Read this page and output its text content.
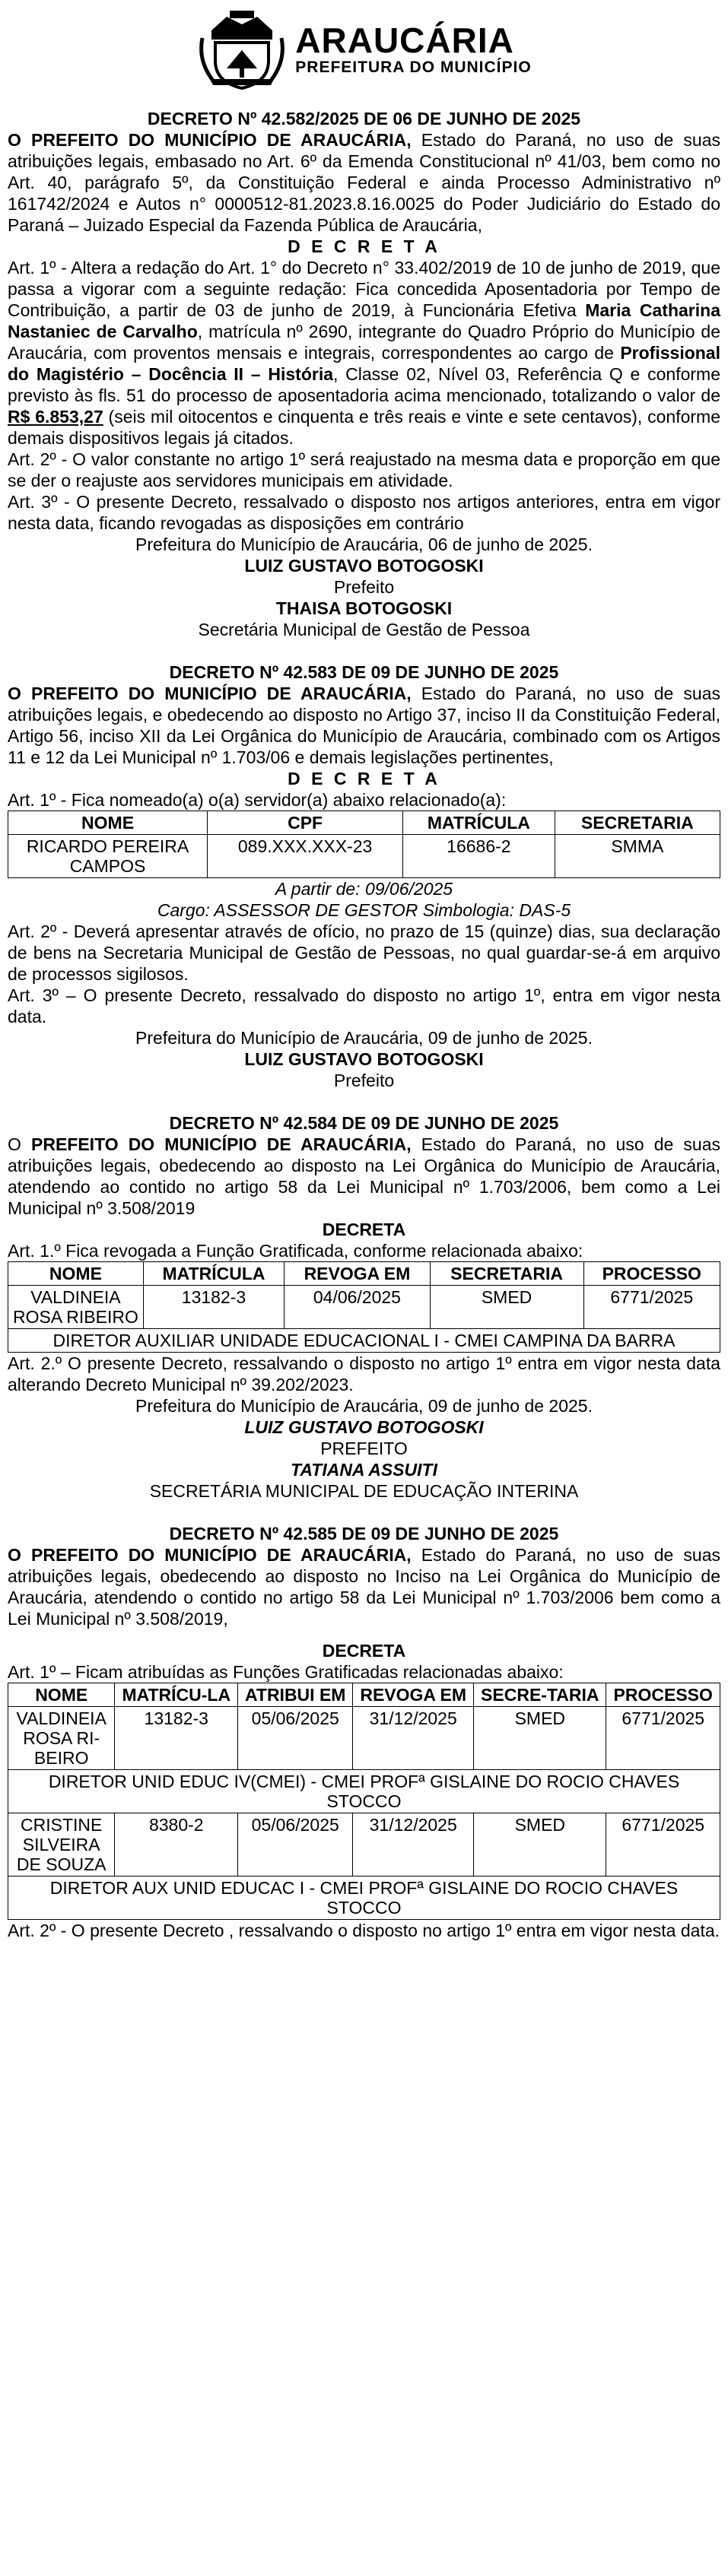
ARAUCÁRIA
PREFEITURA DO MUNICÍPIO

DECRETO Nº 42.582/2025 DE 06 DE JUNHO DE 2025

O PREFEITO DO MUNICÍPIO DE ARAUCÁRIA, Estado do Paraná, no uso de suas atribuições legais, embasado no Art. 6º da Emenda Constitucional nº 41/03, bem como no Art. 40, parágrafo 5º, da Constituição Federal e ainda Processo Administrativo nº 161742/2024 e Autos n° 0000512-81.2023.8.16.0025 do Poder Judiciário do Estado do Paraná – Juizado Especial da Fazenda Pública de Araucária,

D E C R E T A

Art. 1º - Altera a redação do Art. 1° do Decreto n° 33.402/2019 de 10 de junho de 2019, que passa a vigorar com a seguinte redação: Fica concedida Aposentadoria por Tempo de Contribuição, a partir de 03 de junho de 2019, à Funcionária Efetiva Maria Catharina Nastaniec de Carvalho, matrícula nº 2690, integrante do Quadro Próprio do Município de Araucária, com proventos mensais e integrais, correspondentes ao cargo de Profissional do Magistério – Docência II – História, Classe 02, Nível 03, Referência Q e conforme previsto às fls. 51 do processo de aposentadoria acima mencionado, totalizando o valor de R$ 6.853,27 (seis mil oitocentos e cinquenta e três reais e vinte e sete centavos), conforme demais dispositivos legais já citados.

Art. 2º - O valor constante no artigo 1º será reajustado na mesma data e proporção em que se der o reajuste aos servidores municipais em atividade.

Art. 3º - O presente Decreto, ressalvado o disposto nos artigos anteriores, entra em vigor nesta data, ficando revogadas as disposições em contrário

Prefeitura do Município de Araucária, 06 de junho de 2025.

LUIZ GUSTAVO BOTOGOSKI

Prefeito

THAISA BOTOGOSKI

Secretária Municipal de Gestão de Pessoa

DECRETO Nº 42.583 DE 09 DE JUNHO DE 2025

O PREFEITO DO MUNICÍPIO DE ARAUCÁRIA, Estado do Paraná, no uso de suas atribuições legais, e obedecendo ao disposto no Artigo 37, inciso II da Constituição Federal, Artigo 56, inciso XII da Lei Orgânica do Município de Araucária, combinado com os Artigos 11 e 12 da Lei Municipal nº 1.703/06 e demais legislações pertinentes,

D E C R E T A

Art. 1º - Fica nomeado(a) o(a) servidor(a) abaixo relacionado(a):

NOME	CPF	MATRÍCULA	SECRETARIA
RICARDO PEREIRA CAMPOS	089.XXX.XXX-23	16686-2	SMMA

A partir de: 09/06/2025

Cargo: ASSESSOR DE GESTOR Simbologia: DAS-5

Art. 2º - Deverá apresentar através de ofício, no prazo de 15 (quinze) dias, sua declaração de bens na Secretaria Municipal de Gestão de Pessoas, no qual guardar-se-á em arquivo de processos sigilosos.

Art. 3º – O presente Decreto, ressalvado do disposto no artigo 1º, entra em vigor nesta data.

Prefeitura do Município de Araucária, 09 de junho de 2025.

LUIZ GUSTAVO BOTOGOSKI

Prefeito

DECRETO Nº 42.584 DE 09 DE JUNHO DE 2025

O PREFEITO DO MUNICÍPIO DE ARAUCÁRIA, Estado do Paraná, no uso de suas atribuições legais, obedecendo ao disposto na Lei Orgânica do Município de Araucária, atendendo ao contido no artigo 58 da Lei Municipal nº 1.703/2006, bem como a Lei Municipal nº 3.508/2019

DECRETA

Art. 1.º Fica revogada a Função Gratificada, conforme relacionada abaixo:

NOME	MATRÍCULA	REVOGA EM	SECRETARIA	PROCESSO
VALDINEIA ROSA RIBEIRO	13182-3	04/06/2025	SMED	6771/2025
DIRETOR AUXILIAR UNIDADE EDUCACIONAL I - CMEI CAMPINA DA BARRA				

Art. 2.º O presente Decreto, ressalvando o disposto no artigo 1º entra em vigor nesta data alterando Decreto Municipal nº 39.202/2023.

Prefeitura do Município de Araucária, 09 de junho de 2025.

LUIZ GUSTAVO BOTOGOSKI

PREFEITO

TATIANA ASSUITI

SECRETÁRIA MUNICIPAL DE EDUCAÇÃO INTERINA

DECRETO Nº 42.585 DE 09 DE JUNHO DE 2025

O PREFEITO DO MUNICÍPIO DE ARAUCÁRIA, Estado do Paraná, no uso de suas atribuições legais, obedecendo ao disposto no Inciso na Lei Orgânica do Município de Araucária, atendendo o contido no artigo 58 da Lei Municipal nº 1.703/2006 bem como a Lei Municipal nº 3.508/2019,

DECRETA

Art. 1º – Ficam atribuídas as Funções Gratificadas relacionadas abaixo:

NOME	MATRÍCU-LA	ATRIBUI EM	REVOGA EM	SECRE-TARIA	PROCESSO
VALDINEIA ROSA RI-BEIRO	13182-3	05/06/2025	31/12/2025	SMED	6771/2025
DIRETOR UNID EDUC IV(CMEI) - CMEI PROFª GISLAINE DO ROCIO CHAVES STOCCO					
CRISTINE SILVEIRA DE SOUZA	8380-2	05/06/2025	31/12/2025	SMED	6771/2025
DIRETOR AUX UNID EDUCAC I - CMEI PROFª GISLAINE DO ROCIO CHAVES STOCCO					

Art. 2º - O presente Decreto , ressalvando o disposto no artigo 1º entra em vigor nesta data.
